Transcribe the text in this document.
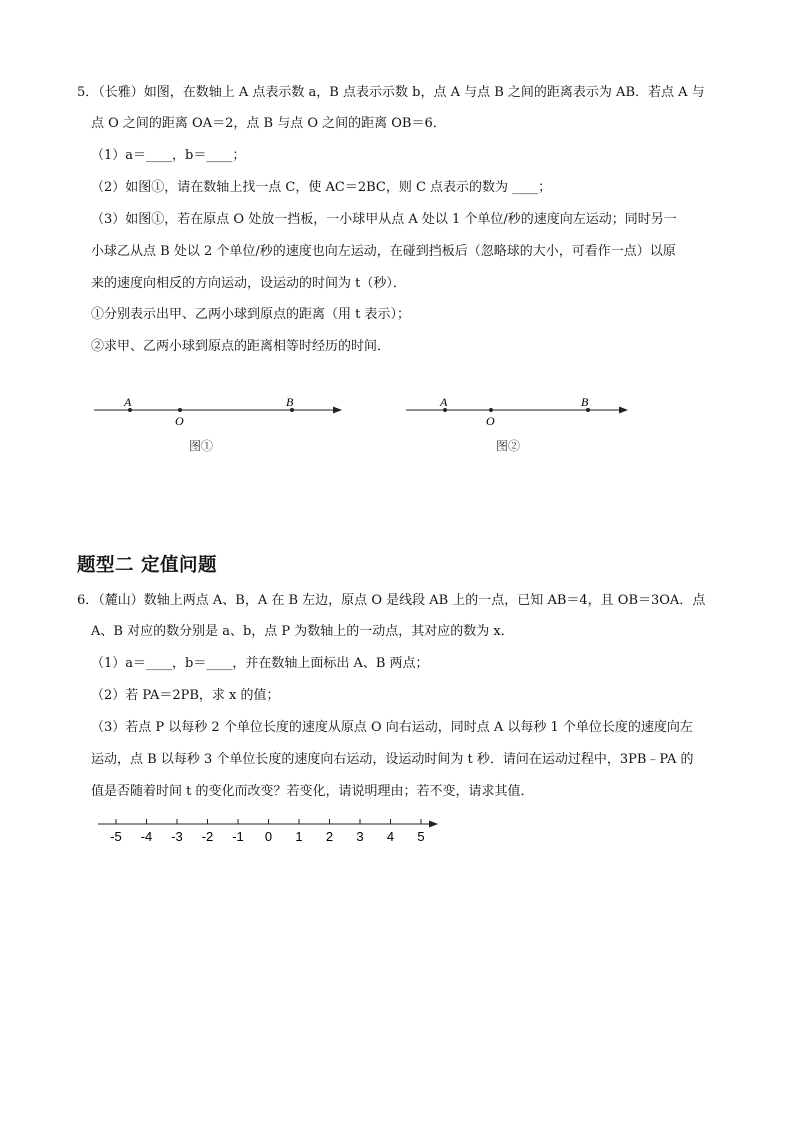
5．（长雅）如图，在数轴上 A 点表示数 a，B 点表示示数 b，点 A 与点 B 之间的距离表示为 AB．若点 A 与
点 O 之间的距离 OA＝2，点 B 与点 O 之间的距离 OB＝6．
（1）a＝____，b＝____；
（2）如图①，请在数轴上找一点 C，使 AC＝2BC，则 C 点表示的数为 ____；
（3）如图①，若在原点 O 处放一挡板，一小球甲从点 A 处以 1 个单位/秒的速度向左运动；同时另一
小球乙从点 B 处以 2 个单位/秒的速度也向左运动，在碰到挡板后（忽略球的大小，可看作一点）以原
来的速度向相反的方向运动，设运动的时间为 t（秒）．
①分别表示出甲、乙两小球到原点的距离（用 t 表示）；
②求甲、乙两小球到原点的距离相等时经历的时间．
A
O
B
图①
A
O
B
图②
题型二 定值问题
6．（麓山）数轴上两点 A、B，A 在 B 左边，原点 O 是线段 AB 上的一点，已知 AB＝4，且 OB＝3OA．点
A、B 对应的数分别是 a、b，点 P 为数轴上的一动点，其对应的数为 x．
（1）a＝____，b＝____，并在数轴上面标出 A、B 两点；
（2）若 PA＝2PB，求 x 的值；
（3）若点 P 以每秒 2 个单位长度的速度从原点 O 向右运动，同时点 A 以每秒 1 个单位长度的速度向左
运动，点 B 以每秒 3 个单位长度的速度向右运动，设运动时间为 t 秒．请问在运动过程中，3PB﹣PA 的
值是否随着时间 t 的变化而改变？若变化，请说明理由；若不变，请求其值．
-5 -4 -3 -2 -1 0 1 2 3 4 5
